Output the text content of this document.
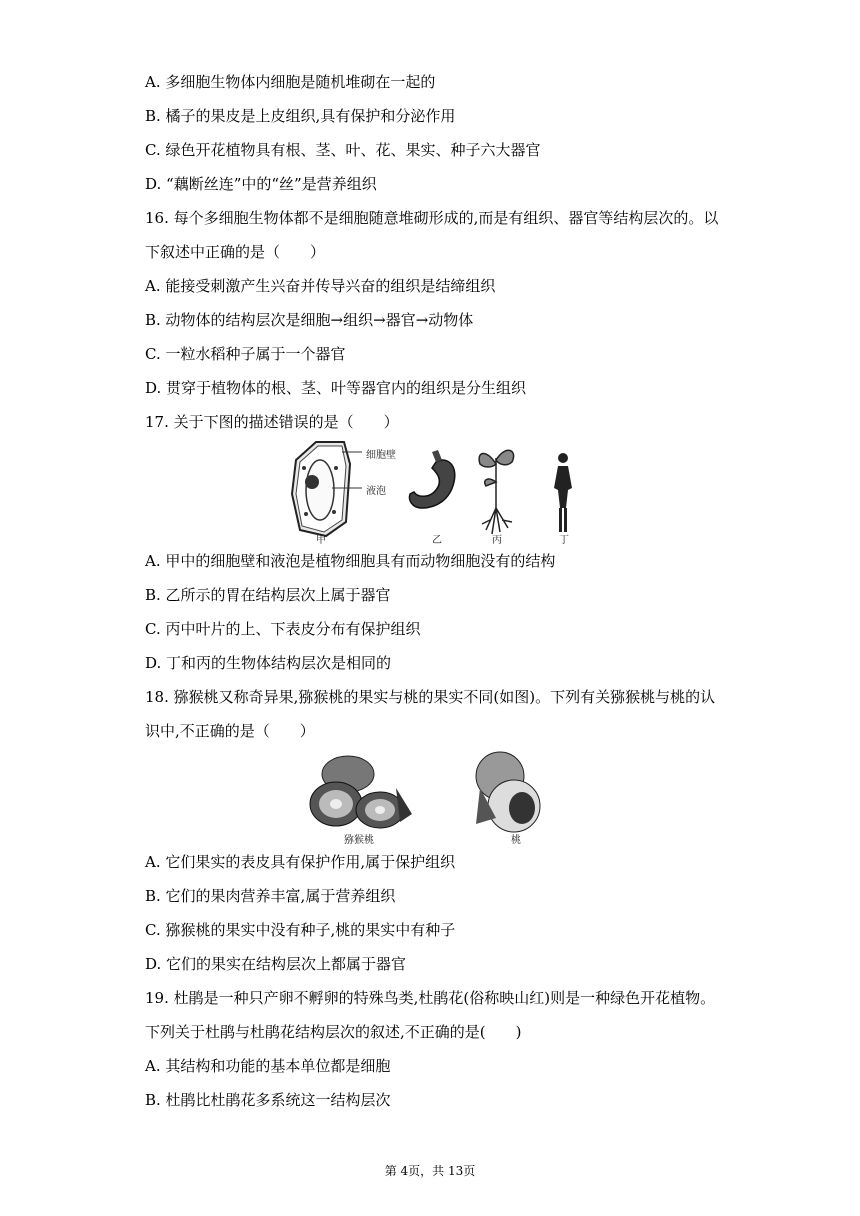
A. 多细胞生物体内细胞是随机堆砌在一起的
B. 橘子的果皮是上皮组织,具有保护和分泌作用
C. 绿色开花植物具有根、茎、叶、花、果实、种子六大器官
D. “藕断丝连”中的“丝”是营养组织
16. 每个多细胞生物体都不是细胞随意堆砌形成的,而是有组织、器官等结构层次的。以
下叙述中正确的是（　　）
A. 能接受刺激产生兴奋并传导兴奋的组织是结缔组织
B. 动物体的结构层次是细胞→组织→器官→动物体
C. 一粒水稻种子属于一个器官
D. 贯穿于植物体的根、茎、叶等器官内的组织是分生组织
17. 关于下图的描述错误的是（　　）
细胞壁
液泡
甲	乙	丙	丁
A. 甲中的细胞壁和液泡是植物细胞具有而动物细胞没有的结构
B. 乙所示的胃在结构层次上属于器官
C. 丙中叶片的上、下表皮分布有保护组织
D. 丁和丙的生物体结构层次是相同的
18. 猕猴桃又称奇异果,猕猴桃的果实与桃的果实不同(如图)。下列有关猕猴桃与桃的认
识中,不正确的是（　　）
猕猴桃	桃
A. 它们果实的表皮具有保护作用,属于保护组织
B. 它们的果肉营养丰富,属于营养组织
C. 猕猴桃的果实中没有种子,桃的果实中有种子
D. 它们的果实在结构层次上都属于器官
19. 杜鹃是一种只产卵不孵卵的特殊鸟类,杜鹃花(俗称映山红)则是一种绿色开花植物。
下列关于杜鹃与杜鹃花结构层次的叙述,不正确的是(　　)
A. 其结构和功能的基本单位都是细胞
B. 杜鹃比杜鹃花多系统这一结构层次
第 4页，共 13页
